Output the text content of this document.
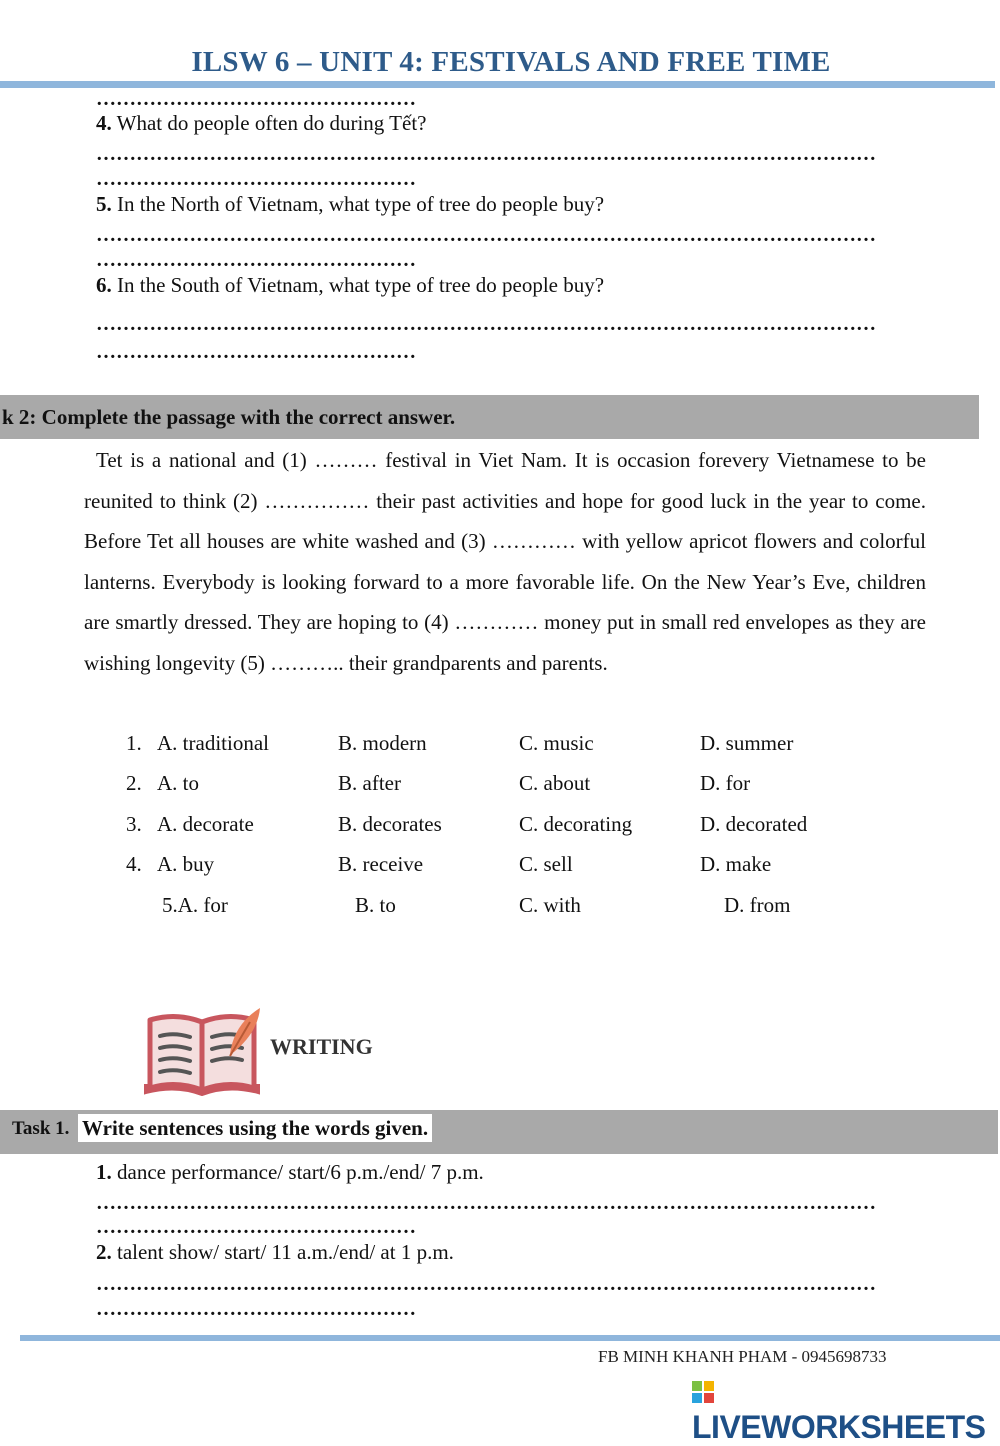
ILSW 6 – UNIT 4: FESTIVALS AND FREE TIME
…………………………………………
4. What do people often do during Tết?
………………………………………………………………………………………………………
…………………………………………
5. In the North of Vietnam, what type of tree do people buy?
………………………………………………………………………………………………………
…………………………………………
6. In the South of Vietnam, what type of tree do people buy?
………………………………………………………………………………………………………
…………………………………………
k 2: Complete the passage with the correct answer.
Tet is a national and (1) ……… festival in Viet Nam. It is occasion forevery Vietnamese to be reunited to think (2) …………… their past activities and hope for good luck in the year to come. Before Tet all houses are white washed and (3) ………… with yellow apricot flowers and colorful lanterns. Everybody is looking forward to a more favorable life. On the New Year’s Eve, children are smartly dressed. They are hoping to (4) ………… money put in small red envelopes as they are wishing longevity (5) ……….. their grandparents and parents.
1. A. traditional	B. modern	C. music	D. summer
2. A. to	B. after	C. about	D. for
3. A. decorate	B. decorates	C. decorating	D. decorated
4. A. buy	B. receive	C. sell	D. make
5.A. for	B. to	C. with	D. from
WRITING
Task 1. Write sentences using the words given.
1. dance performance/ start/6 p.m./end/ 7 p.m.
………………………………………………………………………………………………………
…………………………………………
2. talent show/ start/ 11 a.m./end/ at 1 p.m.
………………………………………………………………………………………………………
…………………………………………
FB MINH KHANH PHAM - 0945698733
LIVEWORKSHEETS
